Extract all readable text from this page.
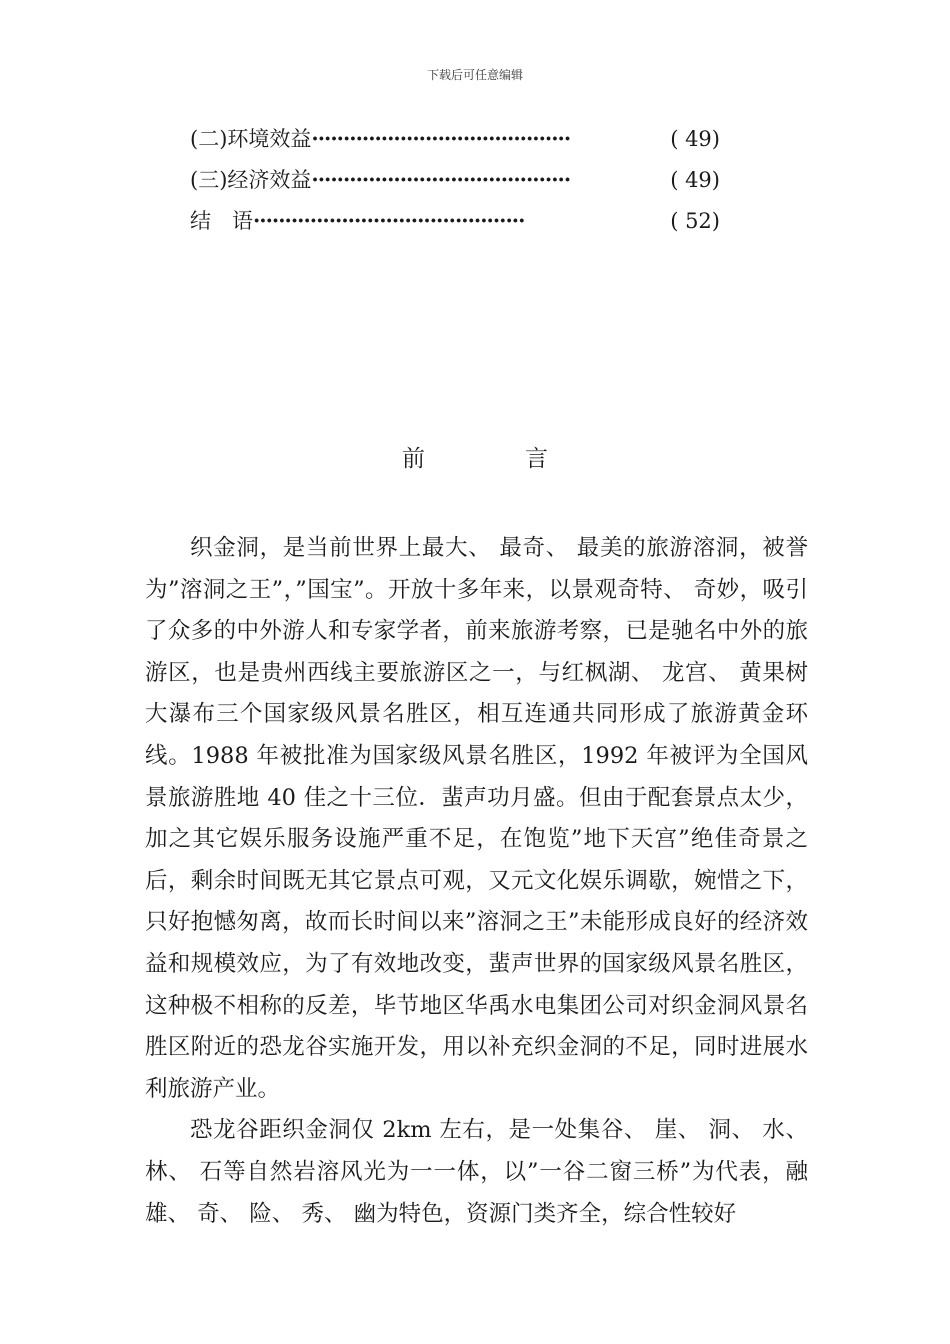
下载后可任意编辑
(二)环境效益 ·········································	( 49)
(三)经济效益 ·········································	( 49)
结　语 ···········································	( 52)
前	言

织金洞，是当前世界上最大、 最奇、 最美的旅游溶洞，被誉为”溶洞之王”，”国宝”。开放十多年来，以景观奇特、 奇妙，吸引了众多的中外游人和专家学者，前来旅游考察，已是驰名中外的旅游区，也是贵州西线主要旅游区之一，与红枫湖、 龙宫、 黄果树大瀑布三个国家级风景名胜区，相互连通共同形成了旅游黄金环线。1988 年被批准为国家级风景名胜区，1992 年被评为全国风景旅游胜地 40 佳之十三位．蜚声功月盛。但由于配套景点太少，加之其它娱乐服务设施严重不足，在饱览”地下天宫”绝佳奇景之后，剩余时间既无其它景点可观，又元文化娱乐调歇，婉惜之下，只好抱憾匆离，故而长时间以来”溶洞之王”未能形成良好的经济效益和规模效应，为了有效地改变，蜚声世界的国家级风景名胜区，这种极不相称的反差，毕节地区华禹水电集团公司对织金洞风景名胜区附近的恐龙谷实施开发，用以补充织金洞的不足，同时进展水利旅游产业。

恐龙谷距织金洞仅 2km 左右，是一处集谷、 崖、 洞、 水、 林、 石等自然岩溶风光为一一体，以”一谷二窗三桥”为代表，融雄、 奇、 险、 秀、 幽为特色，资源门类齐全，综合性较好
